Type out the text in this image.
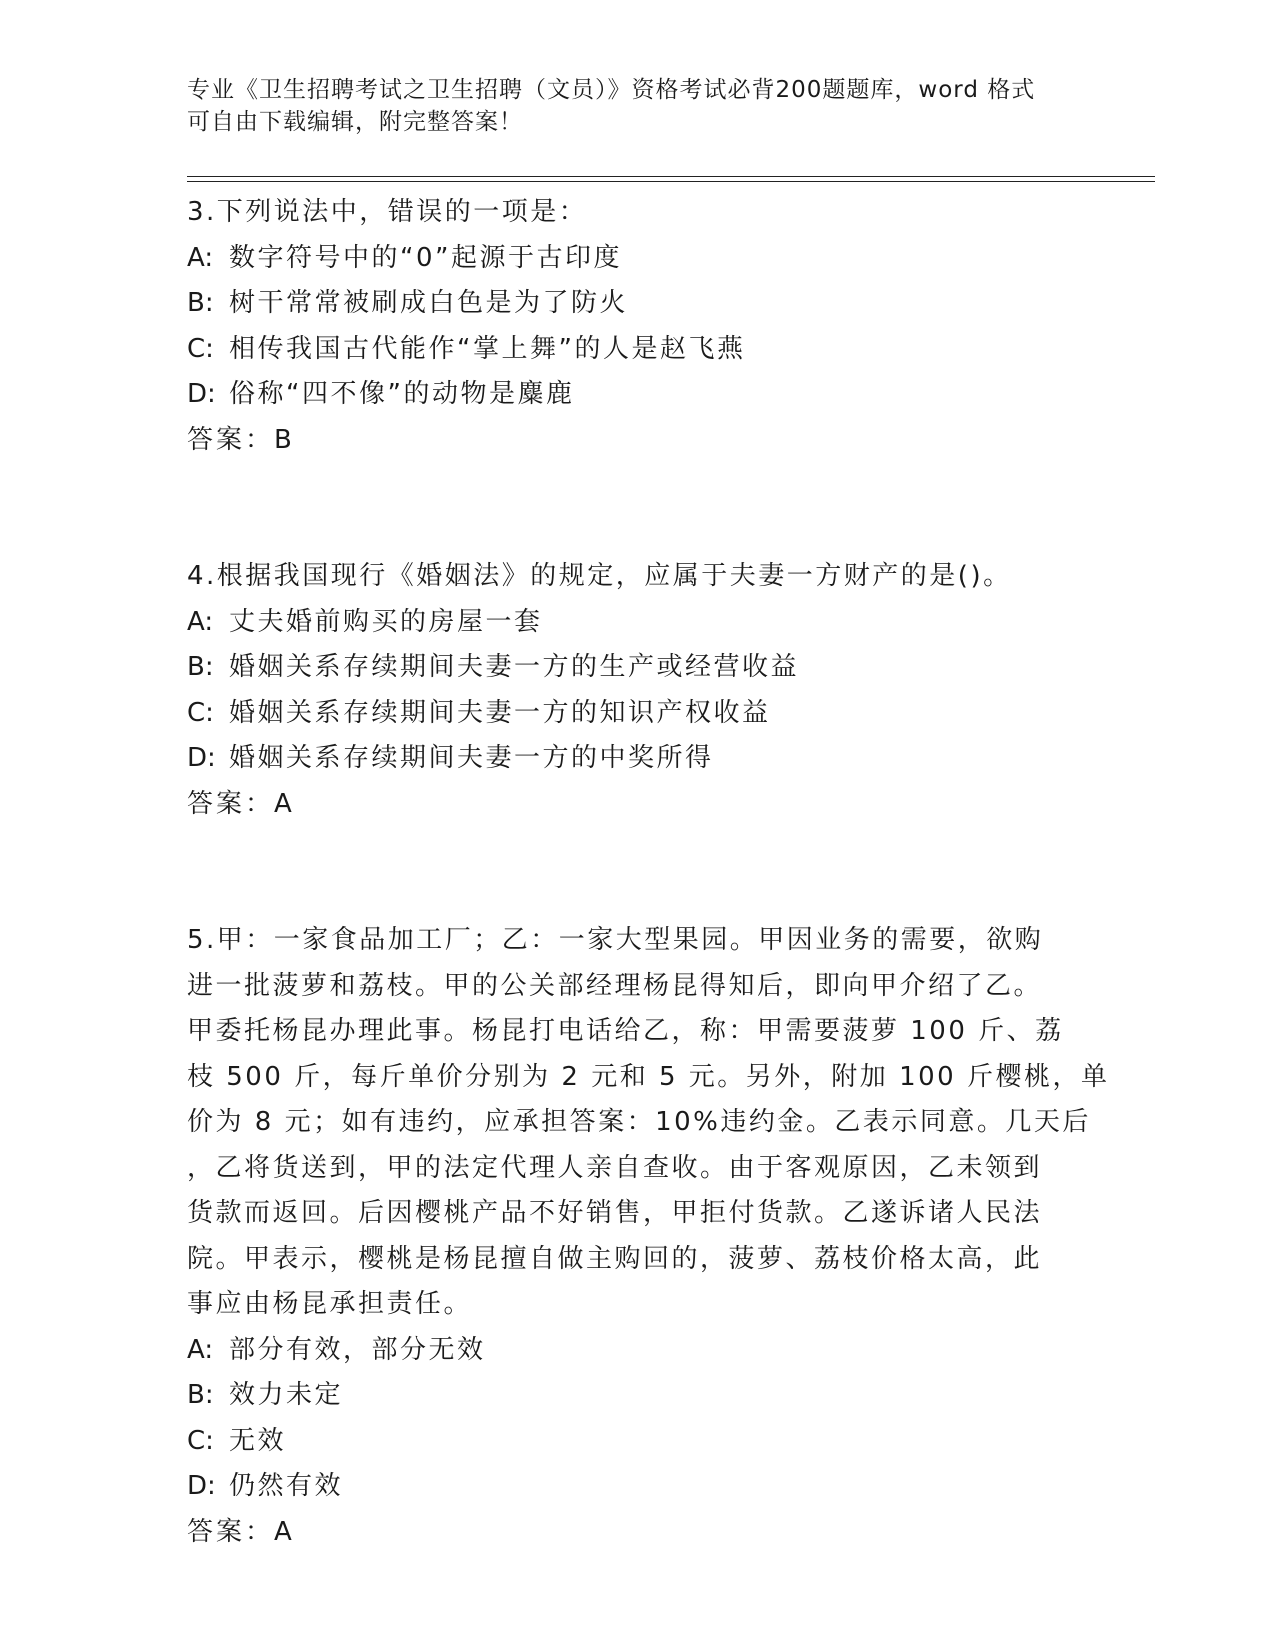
专业《卫生招聘考试之卫生招聘（文员）》资格考试必背200题题库，word 格式
可自由下载编辑，附完整答案！
3.下列说法中，错误的一项是：
A: 数字符号中的“0”起源于古印度
B: 树干常常被刷成白色是为了防火
C: 相传我国古代能作“掌上舞”的人是赵飞燕
D: 俗称“四不像”的动物是麋鹿
答案：B
4.根据我国现行《婚姻法》的规定，应属于夫妻一方财产的是()。
A: 丈夫婚前购买的房屋一套
B: 婚姻关系存续期间夫妻一方的生产或经营收益
C: 婚姻关系存续期间夫妻一方的知识产权收益
D: 婚姻关系存续期间夫妻一方的中奖所得
答案：A
5.甲：一家食品加工厂；乙：一家大型果园。甲因业务的需要，欲购
进一批菠萝和荔枝。甲的公关部经理杨昆得知后，即向甲介绍了乙。
甲委托杨昆办理此事。杨昆打电话给乙，称：甲需要菠萝 100 斤、荔
枝 500 斤，每斤单价分别为 2 元和 5 元。另外，附加 100 斤樱桃，单
价为 8 元；如有违约，应承担答案：10%违约金。乙表示同意。几天后
，乙将货送到，甲的法定代理人亲自查收。由于客观原因，乙未领到
货款而返回。后因樱桃产品不好销售，甲拒付货款。乙遂诉诸人民法
院。甲表示，樱桃是杨昆擅自做主购回的，菠萝、荔枝价格太高，此
事应由杨昆承担责任。
A: 部分有效，部分无效
B: 效力未定
C: 无效
D: 仍然有效
答案：A
